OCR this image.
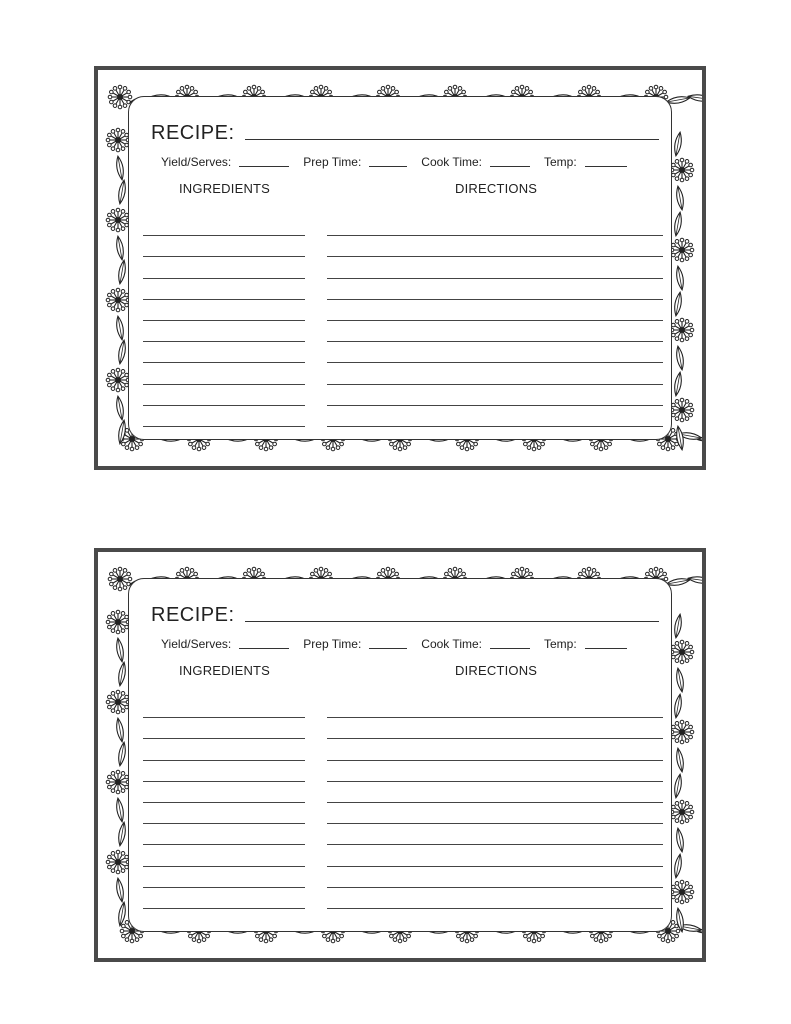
RECIPE:
Yield/Serves:	Prep Time:	Cook Time:	Temp:
INGREDIENTS	DIRECTIONS
RECIPE:
Yield/Serves:	Prep Time:	Cook Time:	Temp:
INGREDIENTS	DIRECTIONS
